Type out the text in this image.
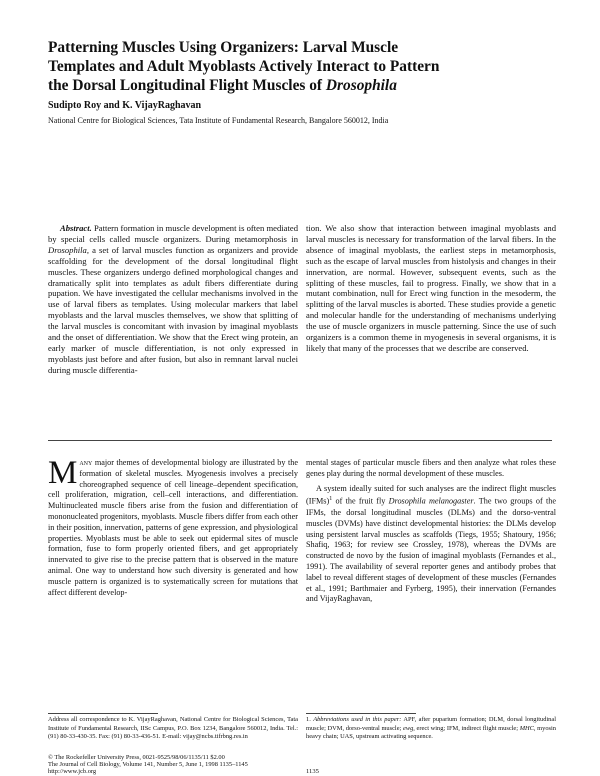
Patterning Muscles Using Organizers: Larval Muscle
Templates and Adult Myoblasts Actively Interact to Pattern
the Dorsal Longitudinal Flight Muscles of Drosophila

Sudipto Roy and K. VijayRaghavan

National Centre for Biological Sciences, Tata Institute of Fundamental Research, Bangalore 560012, India

Abstract. Pattern formation in muscle development is often mediated by special cells called muscle organizers. During metamorphosis in Drosophila, a set of larval muscles function as organizers and provide scaffolding for the development of the dorsal longitudinal flight muscles. These organizers undergo defined morphological changes and dramatically split into templates as adult fibers differentiate during pupation. We have investigated the cellular mechanisms involved in the use of larval fibers as templates. Using molecular markers that label myoblasts and the larval muscles themselves, we show that splitting of the larval muscles is concomitant with invasion by imaginal myoblasts and the onset of differentiation. We show that the Erect wing protein, an early marker of muscle differentiation, is not only expressed in myoblasts just before and after fusion, but also in remnant larval nuclei during muscle differentia-

tion. We also show that interaction between imaginal myoblasts and larval muscles is necessary for transformation of the larval fibers. In the absence of imaginal myoblasts, the earliest steps in metamorphosis, such as the escape of larval muscles from histolysis and changes in their innervation, are normal. However, subsequent events, such as the splitting of these muscles, fail to progress. Finally, we show that in a mutant combination, null for Erect wing function in the mesoderm, the splitting of the larval muscles is aborted. These studies provide a genetic and molecular handle for the understanding of mechanisms underlying the use of muscle organizers in muscle patterning. Since the use of such organizers is a common theme in myogenesis in several organisms, it is likely that many of the processes that we describe are conserved.

Many major themes of developmental biology are illustrated by the formation of skeletal muscles. Myogenesis involves a precisely choreographed sequence of cell lineage–dependent specification, cell proliferation, migration, cell–cell interactions, and differentiation. Multinucleated muscle fibers arise from the fusion and differentiation of mononucleated progenitors, myoblasts. Muscle fibers differ from each other in their position, innervation, patterns of gene expression, and physiological properties. Myoblasts must be able to seek out epidermal sites of muscle formation, fuse to form properly oriented fibers, and get appropriately innervated to give rise to the precise pattern that is observed in the mature animal. One way to understand how such diversity is generated and how muscle pattern is organized is to systematically screen for mutations that affect different develop-

mental stages of particular muscle fibers and then analyze what roles these genes play during the normal development of these muscles.

A system ideally suited for such analyses are the indirect flight muscles (IFMs)$^1$ of the fruit fly Drosophila melanogaster. The two groups of the IFMs, the dorsal longitudinal muscles (DLMs) and the dorso-ventral muscles (DVMs) have distinct developmental histories: the DLMs develop using persistent larval muscles as scaffolds (Tiegs, 1955; Shatoury, 1956; Shafiq, 1963; for review see Crossley, 1978), whereas the DVMs are constructed de novo by the fusion of imaginal myoblasts (Fernandes et al., 1991). The availability of several reporter genes and antibody probes that label to reveal different stages of development of these muscles (Fernandes et al., 1991; Barthmaier and Fyrberg, 1995), their innervation (Fernandes and VijayRaghavan,

Address all correspondence to K. VijayRaghavan, National Centre for Biological Sciences, Tata Institute of Fundamental Research, IISc Campus, P.O. Box 1234, Bangalore 560012, India. Tel.: (91) 80-33-430-35. Fax: (91) 80-33-436-51. E-mail: vijay@ncbs.tifrbng.res.in

1. Abbreviations used in this paper: APF, after puparium formation; DLM, dorsal longitudinal muscle; DVM, dorso-ventral muscle; ewg, erect wing; IFM, indirect flight muscle; MHC, myosin heavy chain; UAS, upstream activating sequence.

© The Rockefeller University Press, 0021-9525/98/06/1135/11 $2.00
The Journal of Cell Biology, Volume 141, Number 5, June 1, 1998 1135–1145
http://www.jcb.org	1135
